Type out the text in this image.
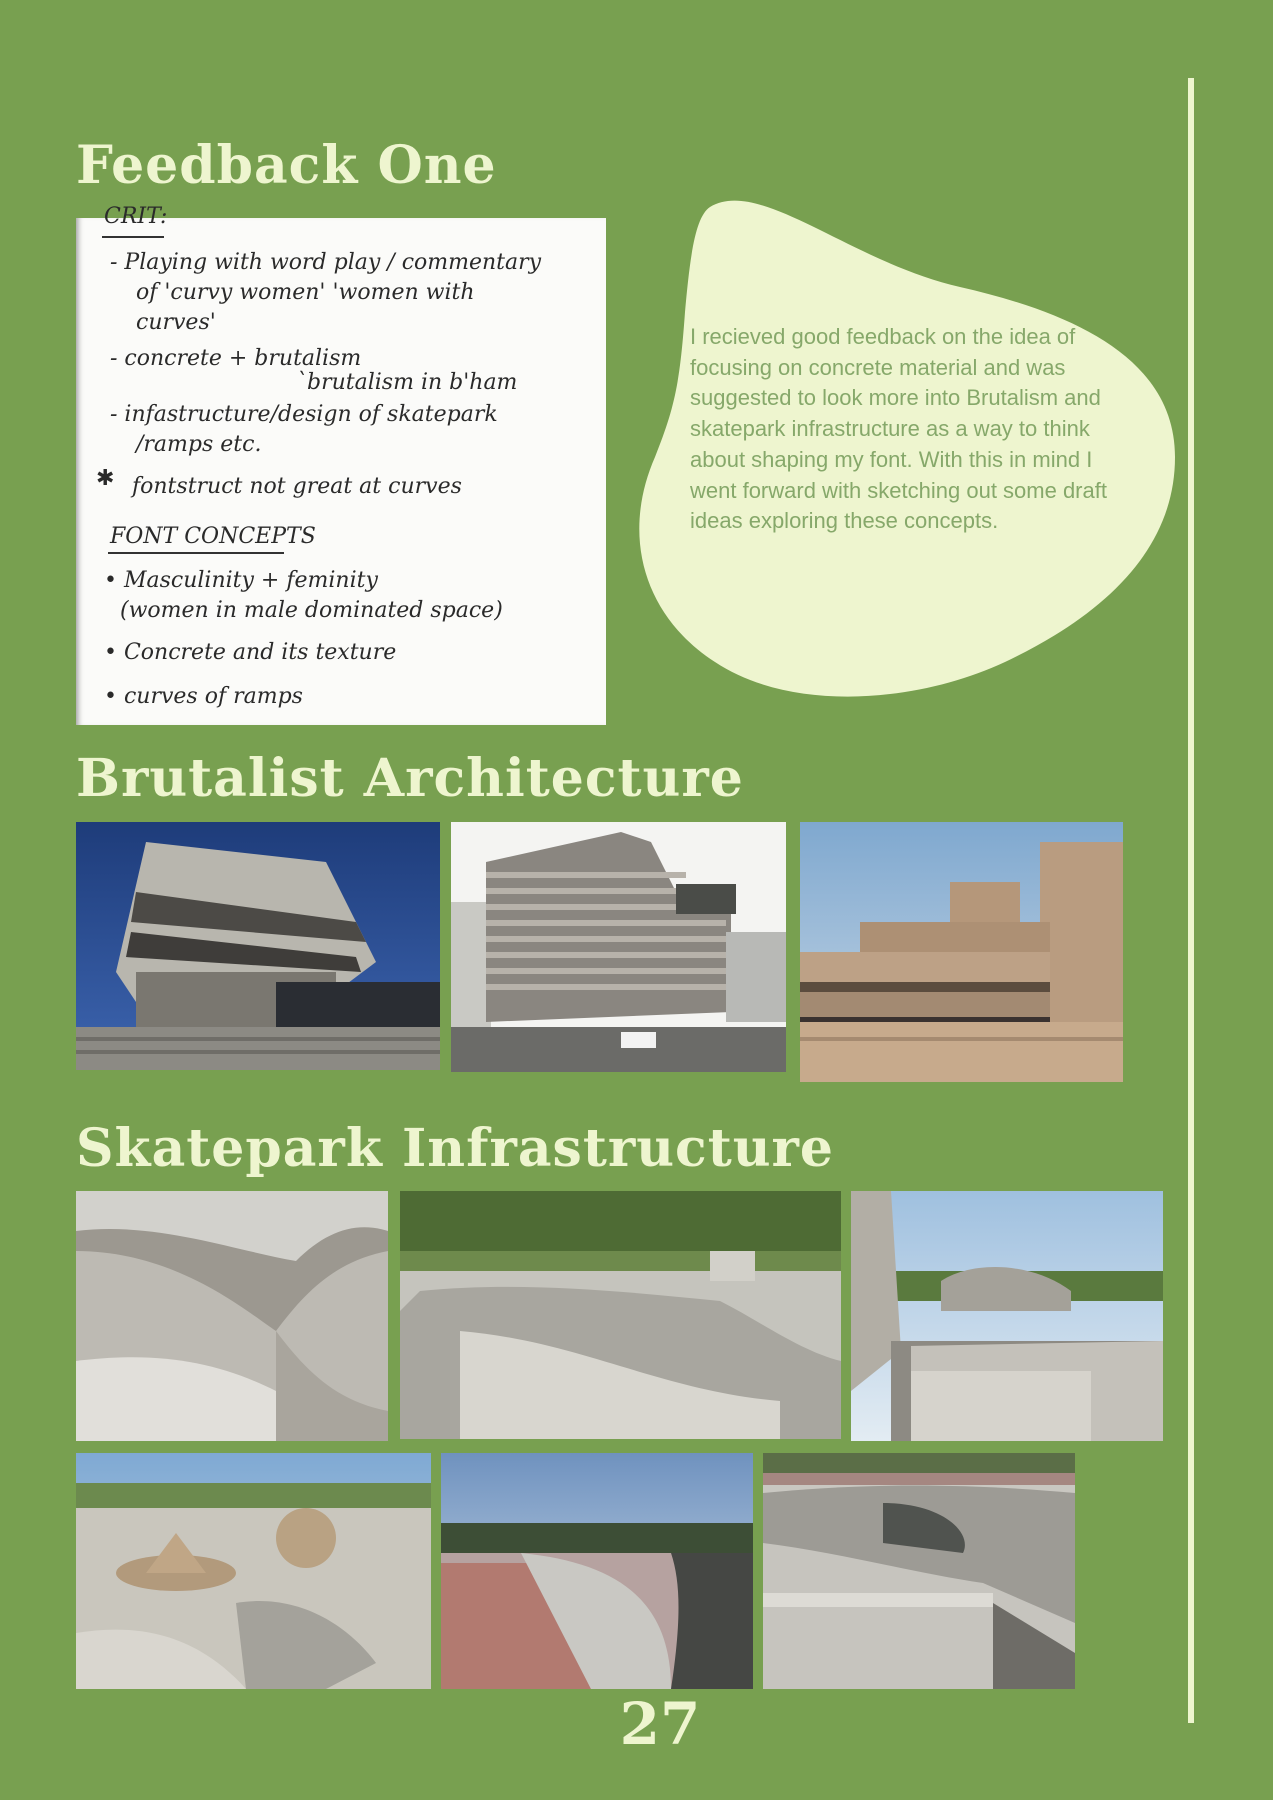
Feedback One
CRIT:
- Playing with word play / commentary
of 'curvy women' 'women with
curves'
- concrete + brutalism
`brutalism in b'ham
- infastructure/design of skatepark
/ramps etc.
✱ fontstruct not great at curves
FONT CONCEPTS
• Masculinity + feminity
(women in male dominated space)
• Concrete and its texture
• curves of ramps

I recieved good feedback on the idea of focusing on concrete material and was suggested to look more into Brutalism and skatepark infrastructure as a way to think about shaping my font. With this in mind I went forward with sketching out some draft ideas exploring these concepts.

Brutalist Architecture
Skatepark Infrastructure
27
